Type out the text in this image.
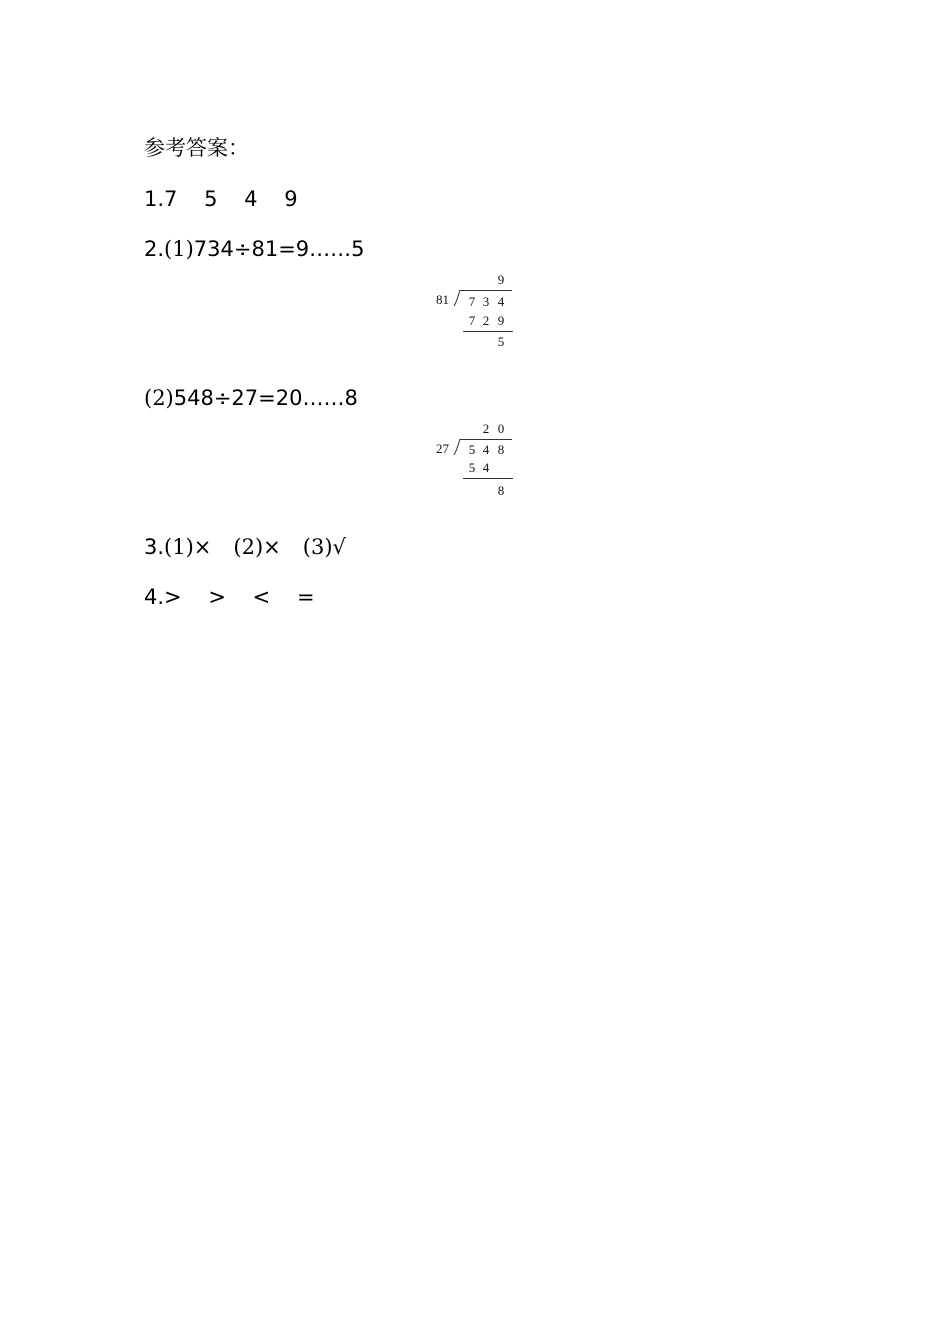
参考答案：
1.7    5    4    9
2.(1)734÷81=9……5
9
81 7 3 4
7 2 9
5
(2)548÷27=20……8
2 0
27 5 4 8
5 4
8
3.(1)× (2)× (3)√
4.>    >    <    =
